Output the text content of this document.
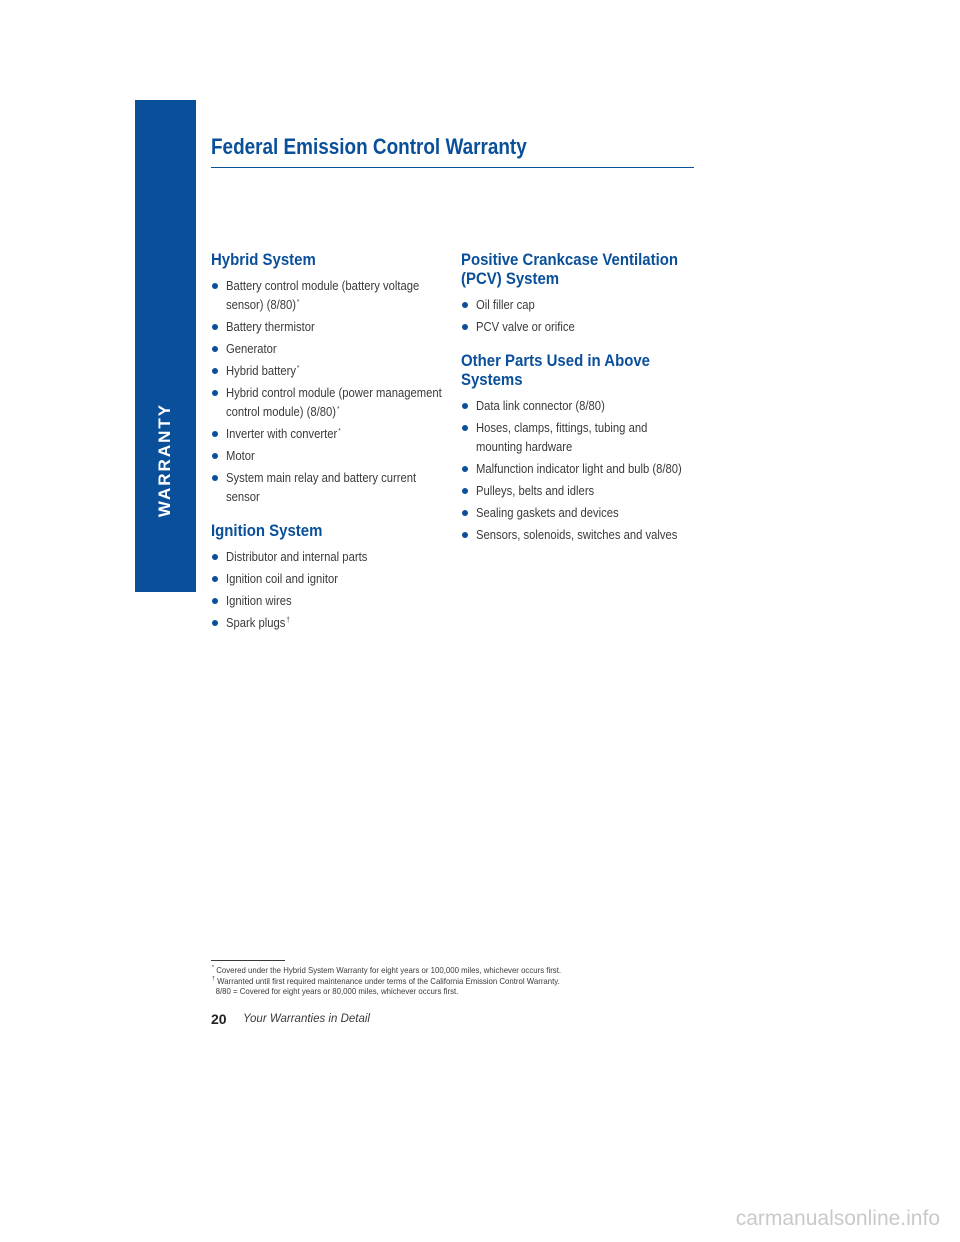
WARRANTY
Federal Emission Control Warranty
Hybrid System
Battery control module (battery voltage sensor) (8/80)*
Battery thermistor
Generator
Hybrid battery*
Hybrid control module (power management control module) (8/80)*
Inverter with converter*
Motor
System main relay and battery current sensor
Ignition System
Distributor and internal parts
Ignition coil and ignitor
Ignition wires
Spark plugs†
Positive Crankcase Ventilation (PCV) System
Oil filler cap
PCV valve or orifice
Other Parts Used in Above Systems
Data link connector (8/80)
Hoses, clamps, fittings, tubing and mounting hardware
Malfunction indicator light and bulb (8/80)
Pulleys, belts and idlers
Sealing gaskets and devices
Sensors, solenoids, switches and valves
* Covered under the Hybrid System Warranty for eight years or 100,000 miles, whichever occurs first.
† Warranted until first required maintenance under terms of the California Emission Control Warranty.
8/80 = Covered for eight years or 80,000 miles, whichever occurs first.
20 Your Warranties in Detail
carmanualsonline.info
